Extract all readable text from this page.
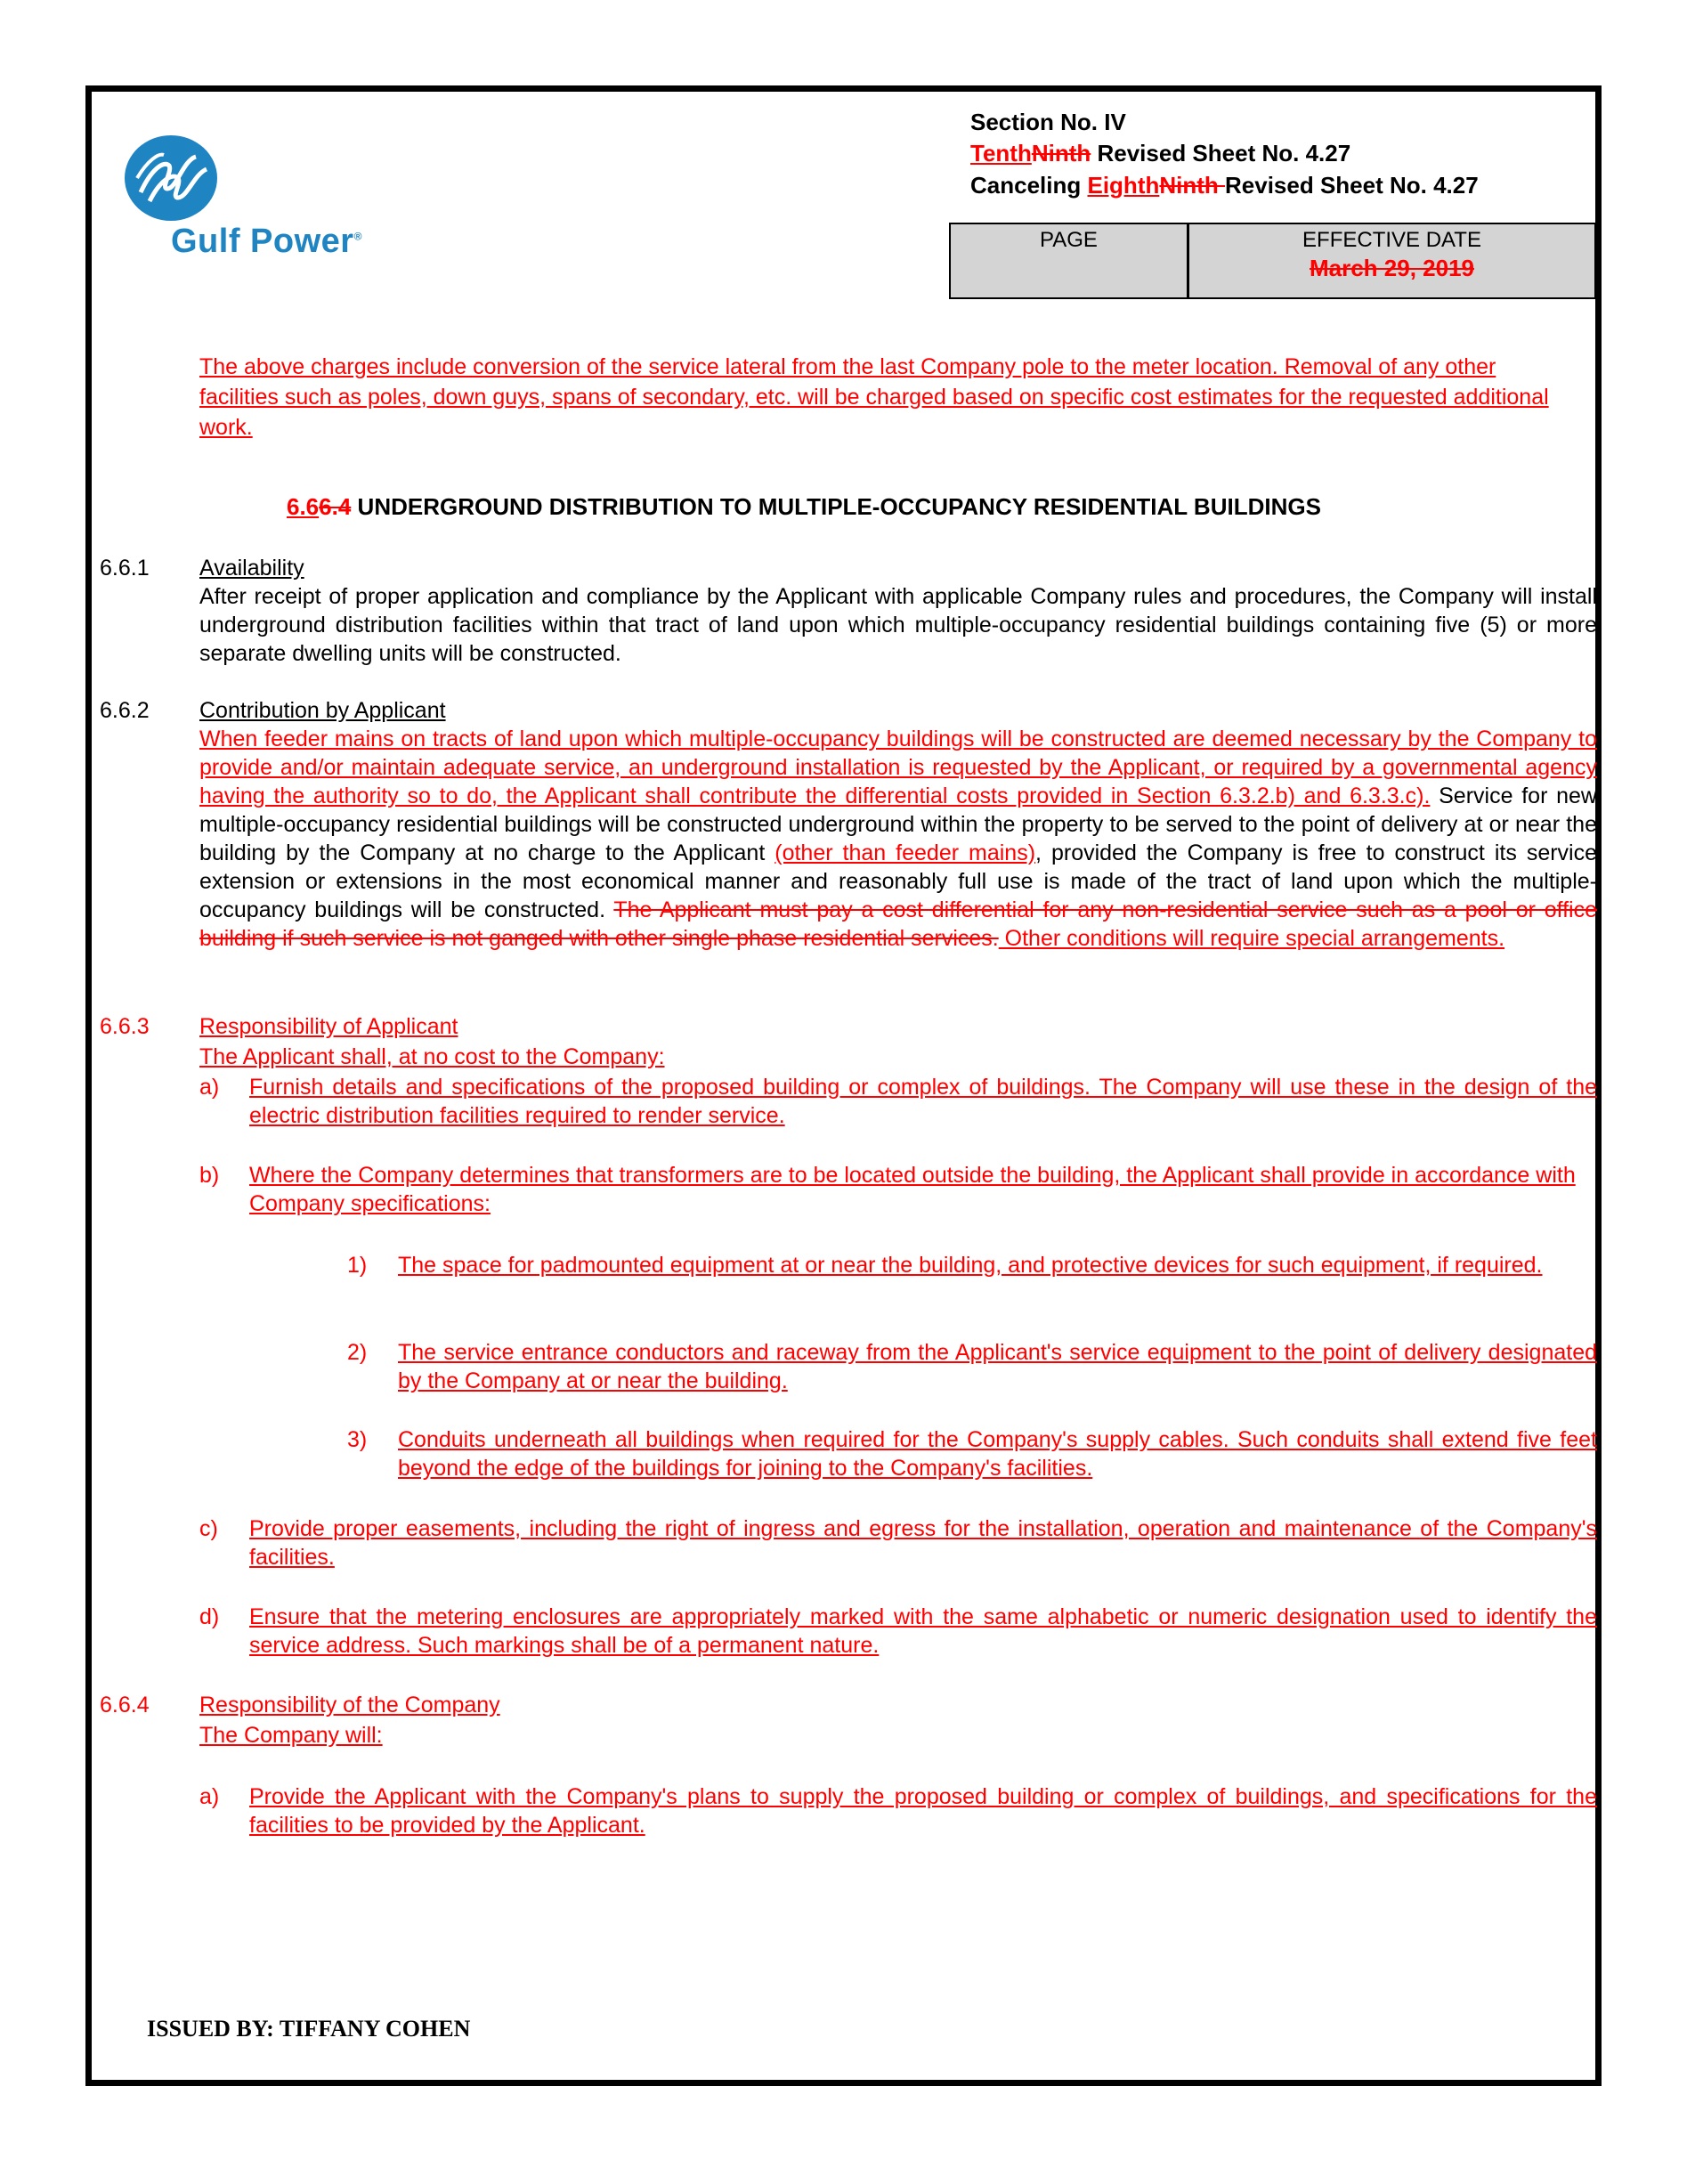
Gulf Power®
Section No. IV
TenthNinth Revised Sheet No. 4.27
Canceling EighthNinth Revised Sheet No. 4.27
PAGE	EFFECTIVE DATE
March 29, 2019
The above charges include conversion of the service lateral from the last Company pole to the meter location. Removal of any other facilities such as poles, down guys, spans of secondary, etc. will be charged based on specific cost estimates for the requested additional work.
6.66.4 UNDERGROUND DISTRIBUTION TO MULTIPLE-OCCUPANCY RESIDENTIAL BUILDINGS
6.6.1 Availability
After receipt of proper application and compliance by the Applicant with applicable Company rules and procedures, the Company will install underground distribution facilities within that tract of land upon which multiple-occupancy residential buildings containing five (5) or more separate dwelling units will be constructed.
6.6.2 Contribution by Applicant
When feeder mains on tracts of land upon which multiple-occupancy buildings will be constructed are deemed necessary by the Company to provide and/or maintain adequate service, an underground installation is requested by the Applicant, or required by a governmental agency having the authority so to do, the Applicant shall contribute the differential costs provided in Section 6.3.2.b) and 6.3.3.c). Service for new multiple-occupancy residential buildings will be constructed underground within the property to be served to the point of delivery at or near the building by the Company at no charge to the Applicant (other than feeder mains), provided the Company is free to construct its service extension or extensions in the most economical manner and reasonably full use is made of the tract of land upon which the multiple-occupancy buildings will be constructed. The Applicant must pay a cost differential for any non-residential service such as a pool or office building if such service is not ganged with other single phase residential services. Other conditions will require special arrangements.
6.6.3 Responsibility of Applicant
The Applicant shall, at no cost to the Company:
a) Furnish details and specifications of the proposed building or complex of buildings. The Company will use these in the design of the electric distribution facilities required to render service.
b) Where the Company determines that transformers are to be located outside the building, the Applicant shall provide in accordance with Company specifications:
1) The space for padmounted equipment at or near the building, and protective devices for such equipment, if required.
2) The service entrance conductors and raceway from the Applicant's service equipment to the point of delivery designated by the Company at or near the building.
3) Conduits underneath all buildings when required for the Company's supply cables. Such conduits shall extend five feet beyond the edge of the buildings for joining to the Company's facilities.
c) Provide proper easements, including the right of ingress and egress for the installation, operation and maintenance of the Company's facilities.
d) Ensure that the metering enclosures are appropriately marked with the same alphabetic or numeric designation used to identify the service address. Such markings shall be of a permanent nature.
6.6.4 Responsibility of the Company
The Company will:
a) Provide the Applicant with the Company's plans to supply the proposed building or complex of buildings, and specifications for the facilities to be provided by the Applicant.
ISSUED BY: TIFFANY COHEN
